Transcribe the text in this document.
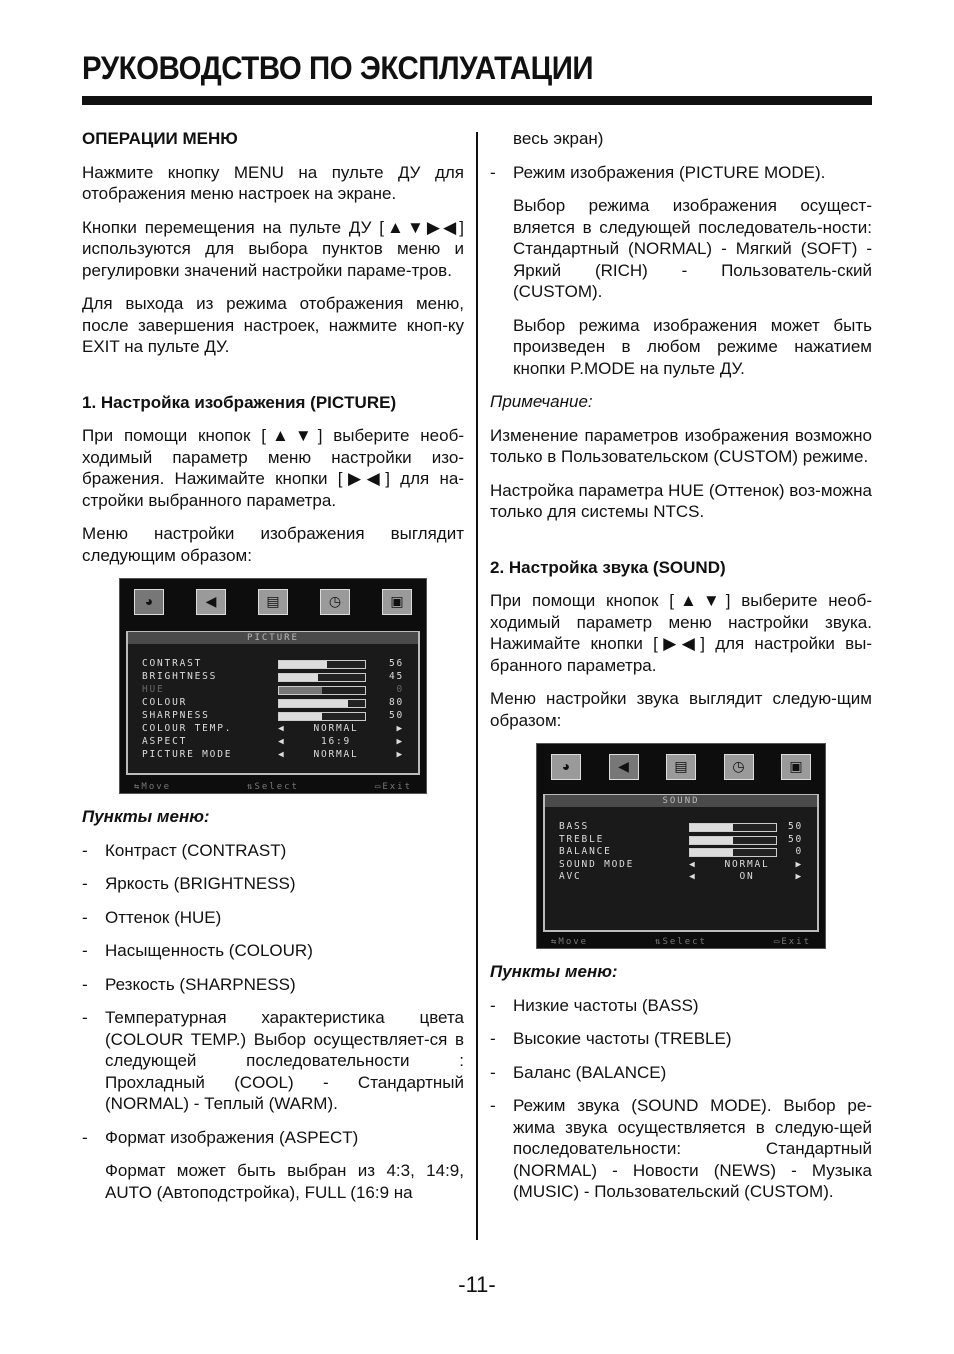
РУКОВОДСТВО ПО ЭКСПЛУАТАЦИИ

ОПЕРАЦИИ МЕНЮ

Нажмите кнопку MENU на пульте ДУ для отображения меню настроек на экране.

Кнопки перемещения на пульте ДУ [▲▼▶◀] используются для выбора пунктов меню и регулировки значений настройки параме-тров.

Для выхода из режима отображения меню, после завершения настроек, нажмите кноп-ку EXIT на пульте ДУ.

1. Настройка изображения (PICTURE)

При помощи кнопок [▲▼] выберите необ-ходимый параметр меню настройки изо-бражения. Нажимайте кнопки [▶◀] для на-стройки выбранного параметра.

Меню настройки изображения выглядит следующим образом:

◕	◀	▤	◷	▣
PICTURE
CONTRAST	56
BRIGHTNESS	45
HUE	0
COLOUR	80
SHARPNESS	50
COLOUR TEMP.	◀	NORMAL	▶
ASPECT	◀	16:9	▶
PICTURE MODE	◀	NORMAL	▶
⇆Move	⇅Select	▭Exit

Пункты меню:

- Контраст (CONTRAST)
- Яркость (BRIGHTNESS)
- Оттенок (HUE)
- Насыщенность (COLOUR)
- Резкость (SHARPNESS)
- Температурная характеристика цвета (COLOUR TEMP.) Выбор осуществляет-ся в следующей последовательности : Прохладный (COOL) - Стандартный (NORMAL) - Теплый (WARM).
- Формат изображения (ASPECT)
Формат может быть выбран из 4:3, 14:9, AUTO (Автоподстройка), FULL (16:9 на
весь экран)
- Режим изображения (PICTURE MODE).
Выбор режима изображения осущест-вляется в следующей последователь-ности: Стандартный (NORMAL) - Мягкий (SOFT) - Яркий (RICH) - Пользователь-ский (CUSTOM).
Выбор режима изображения может быть произведен в любом режиме нажатием кнопки P.MODE на пульте ДУ.

Примечание:

Изменение параметров изображения возможно только в Пользовательском (CUSTOM) режиме.

Настройка параметра HUE (Оттенок) воз-можна только для системы NTCS.

2. Настройка звука (SOUND)

При помощи кнопок [▲▼] выберите необ-ходимый параметр меню настройки звука. Нажимайте кнопки [▶◀] для настройки вы-бранного параметра.

Меню настройки звука выглядит следую-щим образом:

◕	◀	▤	◷	▣
SOUND
BASS	50
TREBLE	50
BALANCE	0
SOUND MODE	◀	NORMAL	▶
AVC	◀	ON	▶
⇆Move	⇅Select	▭Exit

Пункты меню:

- Низкие частоты (BASS)
- Высокие частоты (TREBLE)
- Баланс (BALANCE)
- Режим звука (SOUND MODE). Выбор ре-жима звука осуществляется в следую-щей последовательности: Стандартный (NORMAL) - Новости (NEWS) - Музыка (MUSIC) - Пользовательский (CUSTOM).
-11-
